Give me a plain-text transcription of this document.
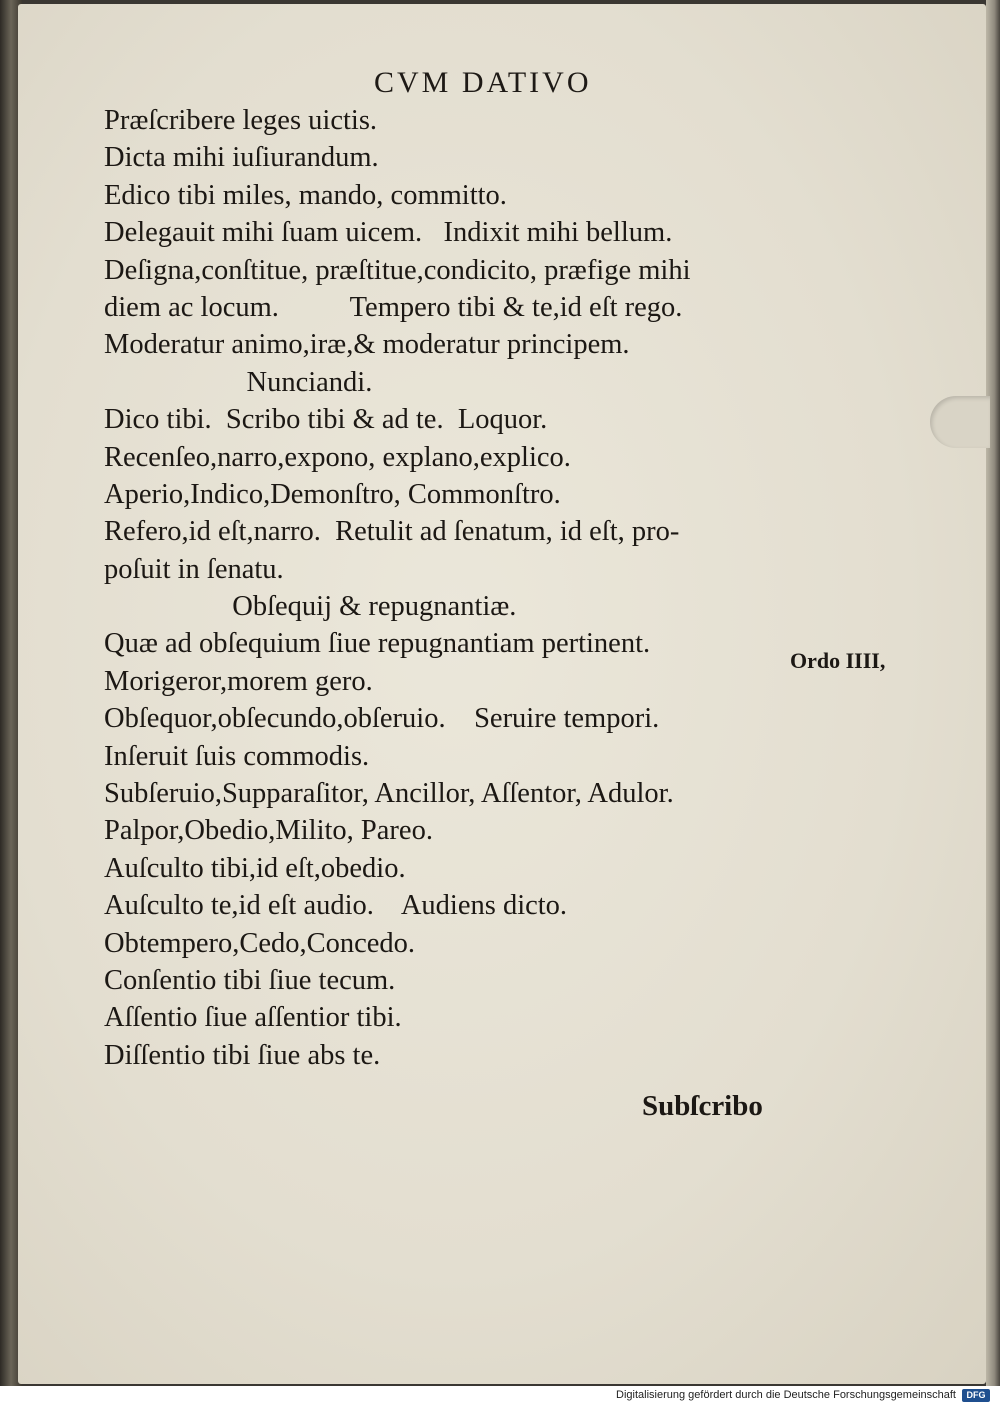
CVM DATIVO
Præſcribere leges uictis.
Dicta mihi iuſiurandum.
Edico tibi miles, mando, committo.
Delegauit mihi ſuam uicem.   Indixit mihi bellum.
Deſigna,conſtitue, præſtitue,condicito, præfige mihi
diem ac locum.          Tempero tibi & te,id eſt rego.
Moderatur animo,iræ,& moderatur principem.
Nunciandi.
Dico tibi.  Scribo tibi & ad te.  Loquor.
Recenſeo,narro,expono, explano,explico.
Aperio,Indico,Demonſtro, Commonſtro.
Refero,id eſt,narro.  Retulit ad ſenatum, id eſt, pro-
poſuit in ſenatu.
Obſequij & repugnantiæ.
Quæ ad obſequium ſiue repugnantiam pertinent.
Morigeror,morem gero.
Obſequor,obſecundo,obſeruio.    Seruire tempori.
Inſeruit ſuis commodis.
Subſeruio,Supparaſitor, Ancillor, Aſſentor, Adulor.
Palpor,Obedio,Milito, Pareo.
Auſculto tibi,id eſt,obedio.
Auſculto te,id eſt audio.    Audiens dicto.
Obtempero,Cedo,Concedo.
Conſentio tibi ſiue tecum.
Aſſentio ſiue aſſentior tibi.
Diſſentio tibi ſiue abs te.
Ordo IIII,
Subſcribo
Digitalisierung gefördert durch die Deutsche Forschungsgemeinschaft	DFG
